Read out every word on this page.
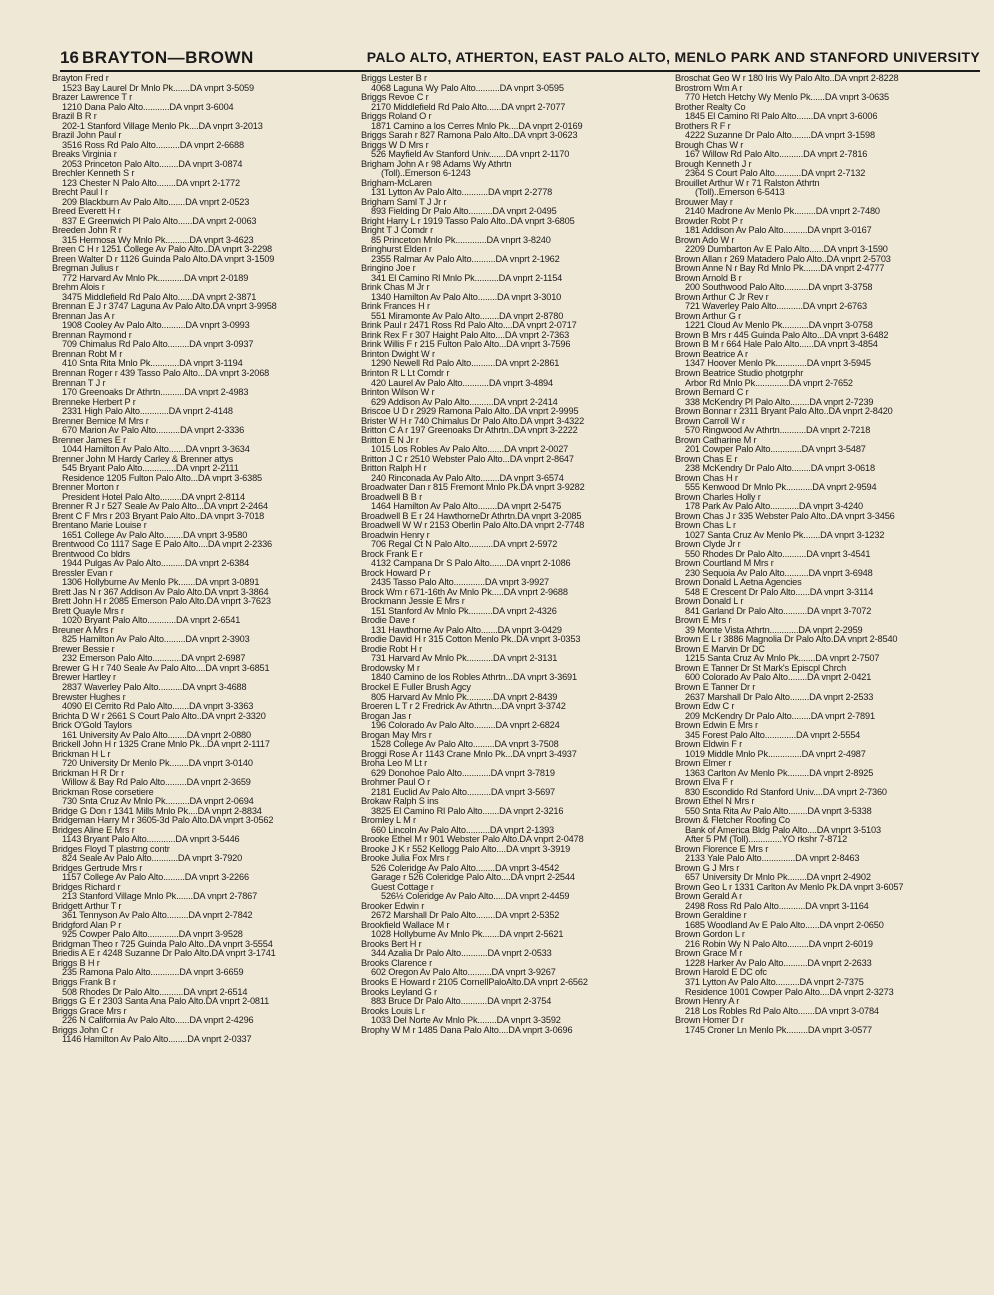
16 BRAYTON—BROWN	PALO ALTO, ATHERTON, EAST PALO ALTO, MENLO PARK AND STANFORD UNIVERSITY
Brayton Fred r
1523 Bay Laurel Dr Mnlo Pk.......DA vnprt 3-5059
Brazer Lawrence T r
1210 Dana Palo Alto...........DA vnprt 3-6004
Brazil B R r
202-1 Stanford Village Menlo Pk....DA vnprt 3-2013
Brazil John Paul r
3516 Ross Rd Palo Alto..........DA vnprt 2-6688
Breaks Virginia r
2053 Princeton Palo Alto........DA vnprt 3-0874
Brechler Kenneth S r
123 Chester N Palo Alto........DA vnprt 2-1772
Brecht Paul I r
209 Blackburn Av Palo Alto.......DA vnprt 2-0523
Breed Everett H r
837 E Greenwich Pl Palo Alto......DA vnprt 2-0063
Breeden John R r
315 Hermosa Wy Mnlo Pk..........DA vnprt 3-4623
Breen C H r 1251 College Av Palo Alto..DA vnprt 3-2298
Breen Walter D r 1126 Guinda Palo Alto.DA vnprt 3-1509
Bregman Julius r
772 Harvard Av Mnlo Pk...........DA vnprt 2-0189
Brehm Alois r
3475 Middlefield Rd Palo Alto......DA vnprt 2-3871
Brennan E J r 3747 Laguna Av Palo Alto.DA vnprt 3-9958
Brennan Jas A r
1908 Cooley Av Palo Alto..........DA vnprt 3-0993
Brennan Raymond r
709 Chimalus Rd Palo Alto.........DA vnprt 3-0937
Brennan Robt M r
410 Snta Rita Mnlo Pk............DA vnprt 3-1194
Brennan Roger r 439 Tasso Palo Alto...DA vnprt 3-2068
Brennan T J r
170 Greenoaks Dr Athrtn..........DA vnprt 2-4983
Brenneke Herbert P r
2331 High Palo Alto............DA vnprt 2-4148
Brenner Bernice M Mrs r
670 Marion Av Palo Alto..........DA vnprt 2-3336
Brenner James E r
1044 Hamilton Av Palo Alto.......DA vnprt 3-3634
Brenner John M Hardy Carley & Brenner attys
545 Bryant Palo Alto..............DA vnprt 2-2111
Residence 1205 Fulton Palo Alto...DA vnprt 3-6385
Brenner Morton r
President Hotel Palo Alto.........DA vnprt 2-8114
Brenner R J r 527 Seale Av Palo Alto...DA vnprt 2-2464
Brent C F Mrs r 203 Bryant Palo Alto..DA vnprt 3-7018
Brentano Marie Louise r
1651 College Av Palo Alto........DA vnprt 3-9580
Brentwood Co 1117 Sage E Palo Alto....DA vnprt 2-2336
Brentwood Co bldrs
1944 Pulgas Av Palo Alto..........DA vnprt 2-6384
Bressler Evan r
1306 Hollyburne Av Menlo Pk.......DA vnprt 3-0891
Brett Jas N r 367 Addison Av Palo Alto.DA vnprt 3-3864
Brett John H r 2085 Emerson Palo Alto.DA vnprt 3-7623
Brett Quayle Mrs r
1020 Bryant Palo Alto............DA vnprt 2-6541
Breuner A Mrs r
825 Hamilton Av Palo Alto.........DA vnprt 2-3903
Brewer Bessie r
232 Emerson Palo Alto............DA vnprt 2-6987
Brewer G H r 740 Seale Av Palo Alto....DA vnprt 3-6851
Brewer Hartley r
2837 Waverley Palo Alto..........DA vnprt 3-4688
Brewster Hughes r
4090 El Cerrito Rd Palo Alto.......DA vnprt 3-3363
Brichta D W r 2661 S Court Palo Alto..DA vnprt 2-3320
Brick O'Gold Taylors
161 University Av Palo Alto........DA vnprt 2-0880
Brickell John H r 1325 Crane Mnlo Pk...DA vnprt 2-1117
Brickman H L r
720 University Dr Menlo Pk........DA vnprt 3-0140
Brickman H R Dr r
Willow & Bay Rd Palo Alto.........DA vnprt 2-3659
Brickman Rose corsetiere
730 Snta Cruz Av Mnlo Pk..........DA vnprt 2-0694
Bridge G Don r 1341 Mills Mnlo Pk....DA vnprt 2-8834
Bridgeman Harry M r 3605-3d Palo Alto.DA vnprt 3-0562
Bridges Aline E Mrs r
1143 Bryant Palo Alto............DA vnprt 3-5446
Bridges Floyd T plastrng contr
824 Seale Av Palo Alto...........DA vnprt 3-7920
Bridges Gertrude Mrs r
1157 College Av Palo Alto.........DA vnprt 3-2266
Bridges Richard r
213 Stanford Village Mnlo Pk.......DA vnprt 2-7867
Bridgett Arthur T r
361 Tennyson Av Palo Alto.........DA vnprt 2-7842
Bridgford Alan P r
925 Cowper Palo Alto.............DA vnprt 3-9528
Bridgman Theo r 725 Guinda Palo Alto..DA vnprt 3-5554
Briedis A E r 4248 Suzanne Dr Palo Alto.DA vnprt 3-1741
Briggs B H r
235 Ramona Palo Alto............DA vnprt 3-6659
Briggs Frank B r
508 Rhodes Dr Palo Alto..........DA vnprt 2-6514
Briggs G E r 2303 Santa Ana Palo Alto.DA vnprt 2-0811
Briggs Grace Mrs r
226 N California Av Palo Alto......DA vnprt 2-4296
Briggs John C r
1146 Hamilton Av Palo Alto........DA vnprt 2-0337
Briggs Lester B r
4068 Laguna Wy Palo Alto..........DA vnprt 3-0595
Briggs Revoe C r
2170 Middlefield Rd Palo Alto......DA vnprt 2-7077
Briggs Roland O r
1871 Camino a los Cerres Mnlo Pk....DA vnprt 2-0169
Briggs Sarah r 827 Ramona Palo Alto..DA vnprt 3-0623
Briggs W D Mrs r
526 Mayfield Av Stanford Univ.......DA vnprt 2-1170
Brigham John A r 98 Adams Wy Athrtn
(Toll)..Emerson 6-1243
Brigham-McLaren
131 Lytton Av Palo Alto...........DA vnprt 2-2778
Brigham Saml T J Jr r
893 Fielding Dr Palo Alto..........DA vnprt 2-0495
Bright Harry L r 1919 Tasso Palo Alto..DA vnprt 3-6805
Bright T J Comdr r
85 Princeton Mnlo Pk.............DA vnprt 3-8240
Bringhurst Elden r
2355 Ralmar Av Palo Alto..........DA vnprt 2-1962
Bringino Joe r
341 El Camino Rl Mnlo Pk..........DA vnprt 2-1154
Brink Chas M Jr r
1340 Hamilton Av Palo Alto........DA vnprt 3-3010
Brink Frances H r
551 Miramonte Av Palo Alto........DA vnprt 2-8780
Brink Paul r 2471 Ross Rd Palo Alto....DA vnprt 2-0717
Brink Rex F r 307 Haight Palo Alto....DA vnprt 2-7363
Brink Willis F r 215 Fulton Palo Alto...DA vnprt 3-7596
Brinton Dwight W r
1290 Newell Rd Palo Alto..........DA vnprt 2-2861
Brinton R L Lt Comdr r
420 Laurel Av Palo Alto...........DA vnprt 3-4894
Brinton Wilson W r
629 Addison Av Palo Alto..........DA vnprt 2-2414
Briscoe U D r 2929 Ramona Palo Alto..DA vnprt 2-9995
Brister W H r 740 Chimalus Dr Palo Alto.DA vnprt 3-4322
Britton C A r 197 Greenoaks Dr Athrtn..DA vnprt 3-2222
Britton E N Jr r
1015 Los Robles Av Palo Alto.......DA vnprt 2-0027
Britton J C r 2510 Webster Palo Alto...DA vnprt 2-8647
Britton Ralph H r
240 Rinconada Av Palo Alto........DA vnprt 3-6574
Broadwater Dan r 815 Fremont Mnlo Pk.DA vnprt 3-9282
Broadwell B B r
1464 Hamilton Av Palo Alto........DA vnprt 2-5475
Broadwell B E r 24 HawthorneDr Athrtn.DA vnprt 3-2085
Broadwell W W r 2153 Oberlin Palo Alto.DA vnprt 2-7748
Broadwin Henry r
706 Regal Ct N Palo Alto..........DA vnprt 2-5972
Brock Frank E r
4132 Campana Dr S Palo Alto.......DA vnprt 2-1086
Brock Howard P r
2435 Tasso Palo Alto.............DA vnprt 3-9927
Brock Wm r 671-16th Av Mnlo Pk.....DA vnprt 2-9688
Brockmann Jessie E Mrs r
151 Stanford Av Mnlo Pk..........DA vnprt 2-4326
Brodie Dave r
131 Hawthorne Av Palo Alto.......DA vnprt 3-0429
Brodie David H r 315 Cotton Menlo Pk..DA vnprt 3-0353
Brodie Robt H r
731 Harvard Av Mnlo Pk...........DA vnprt 2-3131
Brodowsky M r
1840 Camino de los Robles Athrtn...DA vnprt 3-3691
Brockel E Fuller Brush Agcy
805 Harvard Av Mnlo Pk...........DA vnprt 2-8439
Broeren L T r 2 Fredrick Av Athrtn....DA vnprt 3-3742
Brogan Jas r
196 Colorado Av Palo Alto.........DA vnprt 2-6824
Brogan May Mrs r
1528 College Av Palo Alto.........DA vnprt 3-7508
Broggi Rose A r 1143 Crane Mnlo Pk...DA vnprt 3-4937
Broha Leo M Lt r
629 Donohoe Palo Alto............DA vnprt 3-7819
Brohmer Paul O r
2181 Euclid Av Palo Alto..........DA vnprt 3-5697
Brokaw Ralph S ins
3825 El Camino Rl Palo Alto.......DA vnprt 2-3216
Bromley L M r
660 Lincoln Av Palo Alto..........DA vnprt 2-1393
Brooke Ethel M r 901 Webster Palo Alto.DA vnprt 2-0478
Brooke J K r 552 Kellogg Palo Alto....DA vnprt 3-3919
Brooke Julia Fox Mrs r
526 Coleridge Av Palo Alto........DA vnprt 3-4542
Garage r 526 Coleridge Palo Alto....DA vnprt 2-2544
Guest Cottage r
526½ Coleridge Av Palo Alto.....DA vnprt 2-4459
Brooker Edwin r
2672 Marshall Dr Palo Alto........DA vnprt 2-5352
Brookfield Wallace M r
1028 Hollyburne Av Mnlo Pk.......DA vnprt 2-5621
Brooks Bert H r
344 Azalia Dr Palo Alto...........DA vnprt 2-0533
Brooks Clarence r
602 Oregon Av Palo Alto..........DA vnprt 3-9267
Brooks E Howard r 2105 CornellPaloAlto.DA vnprt 2-6562
Brooks Leyland G r
883 Bruce Dr Palo Alto...........DA vnprt 2-3754
Brooks Louis L r
1033 Del Norte Av Mnlo Pk........DA vnprt 3-3592
Brophy W M r 1485 Dana Palo Alto....DA vnprt 3-0696
Broschat Geo W r 180 Iris Wy Palo Alto..DA vnprt 2-8228
Brostrom Wm A r
770 Hetch Hetchy Wy Menlo Pk......DA vnprt 3-0635
Brother Realty Co
1845 El Camino Rl Palo Alto.......DA vnprt 3-6006
Brothers R F r
4222 Suzanne Dr Palo Alto........DA vnprt 3-1598
Brough Chas W r
167 Willow Rd Palo Alto..........DA vnprt 2-7816
Brough Kenneth J r
2364 S Court Palo Alto...........DA vnprt 2-7132
Brouillet Arthur W r 71 Ralston Athrtn
(Toll)..Emerson 6-5413
Brouwer May r
2140 Madrone Av Menlo Pk.........DA vnprt 2-7480
Browder Robt P r
181 Addison Av Palo Alto..........DA vnprt 3-0167
Brown Ado W r
2209 Dumbarton Av E Palo Alto......DA vnprt 3-1590
Brown Allan r 269 Matadero Palo Alto..DA vnprt 2-5703
Brown Anne N r Bay Rd Mnlo Pk.......DA vnprt 2-4777
Brown Arnold B r
200 Southwood Palo Alto..........DA vnprt 3-3758
Brown Arthur C Jr Rev r
721 Waverley Palo Alto...........DA vnprt 2-6763
Brown Arthur G r
1221 Cloud Av Menlo Pk...........DA vnprt 3-0758
Brown B Mrs r 445 Guinda Palo Alto...DA vnprt 3-6482
Brown B M r 664 Hale Palo Alto......DA vnprt 3-4854
Brown Beatrice A r
1347 Hoover Menlo Pk.............DA vnprt 3-5945
Brown Beatrice Studio photgrphr
Arbor Rd Mnlo Pk..............DA vnprt 2-7652
Brown Bernard C r
338 McKendry Pl Palo Alto........DA vnprt 2-7239
Brown Bonnar r 2311 Bryant Palo Alto..DA vnprt 2-8420
Brown Carroll W r
570 Ringwood Av Athrtn...........DA vnprt 2-7218
Brown Catharine M r
201 Cowper Palo Alto.............DA vnprt 3-5487
Brown Chas E r
238 McKendry Dr Palo Alto........DA vnprt 3-0618
Brown Chas H r
555 Kenwood Dr Mnlo Pk...........DA vnprt 2-9594
Brown Charles Holly r
178 Park Av Palo Alto............DA vnprt 3-4240
Brown Chas J r 335 Webster Palo Alto..DA vnprt 3-3456
Brown Chas L r
1027 Santa Cruz Av Menlo Pk.......DA vnprt 3-1232
Brown Clyde Jr r
550 Rhodes Dr Palo Alto..........DA vnprt 3-4541
Brown Courtland M Mrs r
230 Sequoia Av Palo Alto..........DA vnprt 3-6948
Brown Donald L Aetna Agencies
548 E Crescent Dr Palo Alto......DA vnprt 3-3114
Brown Donald L r
841 Garland Dr Palo Alto..........DA vnprt 3-7072
Brown E Mrs r
39 Monte Vista Athrtn............DA vnprt 2-2959
Brown E L r 3886 Magnolia Dr Palo Alto.DA vnprt 2-8540
Brown E Marvin Dr DC
1215 Santa Cruz Av Mnlo Pk.......DA vnprt 2-7507
Brown E Tanner Dr St Mark's Episcpl Chrch
600 Colorado Av Palo Alto........DA vnprt 2-0421
Brown E Tanner Dr r
2637 Marshall Dr Palo Alto........DA vnprt 2-2533
Brown Edw C r
209 McKendry Dr Palo Alto........DA vnprt 2-7891
Brown Edwin E Mrs r
345 Forest Palo Alto.............DA vnprt 2-5554
Brown Eldwin F r
1019 Middle Mnlo Pk..............DA vnprt 2-4987
Brown Elmer r
1363 Carlton Av Menlo Pk.........DA vnprt 2-8925
Brown Elva F r
830 Escondido Rd Stanford Univ....DA vnprt 2-7360
Brown Ethel N Mrs r
550 Snta Rita Av Palo Alto........DA vnprt 3-5338
Brown & Fletcher Roofing Co
Bank of America Bldg Palo Alto....DA vnprt 3-5103
After 5 PM (Toll)..............YO rkshr 7-8712
Brown Florence E Mrs r
2133 Yale Palo Alto..............DA vnprt 2-8463
Brown G J Mrs r
657 University Dr Mnlo Pk........DA vnprt 2-4902
Brown Geo L r 1331 Carlton Av Menlo Pk.DA vnprt 3-6057
Brown Gerald A r
2498 Ross Rd Palo Alto...........DA vnprt 3-1164
Brown Geraldine r
1685 Woodland Av E Palo Alto......DA vnprt 2-0650
Brown Gordon L r
216 Robin Wy N Palo Alto.........DA vnprt 2-6019
Brown Grace M r
1228 Harker Av Palo Alto..........DA vnprt 2-2633
Brown Harold E DC ofc
371 Lytton Av Palo Alto..........DA vnprt 2-7375
Residence 1001 Cowper Palo Alto....DA vnprt 2-3273
Brown Henry A r
218 Los Robles Rd Palo Alto.......DA vnprt 3-0784
Brown Homer D r
1745 Croner Ln Menlo Pk.........DA vnprt 3-0577
